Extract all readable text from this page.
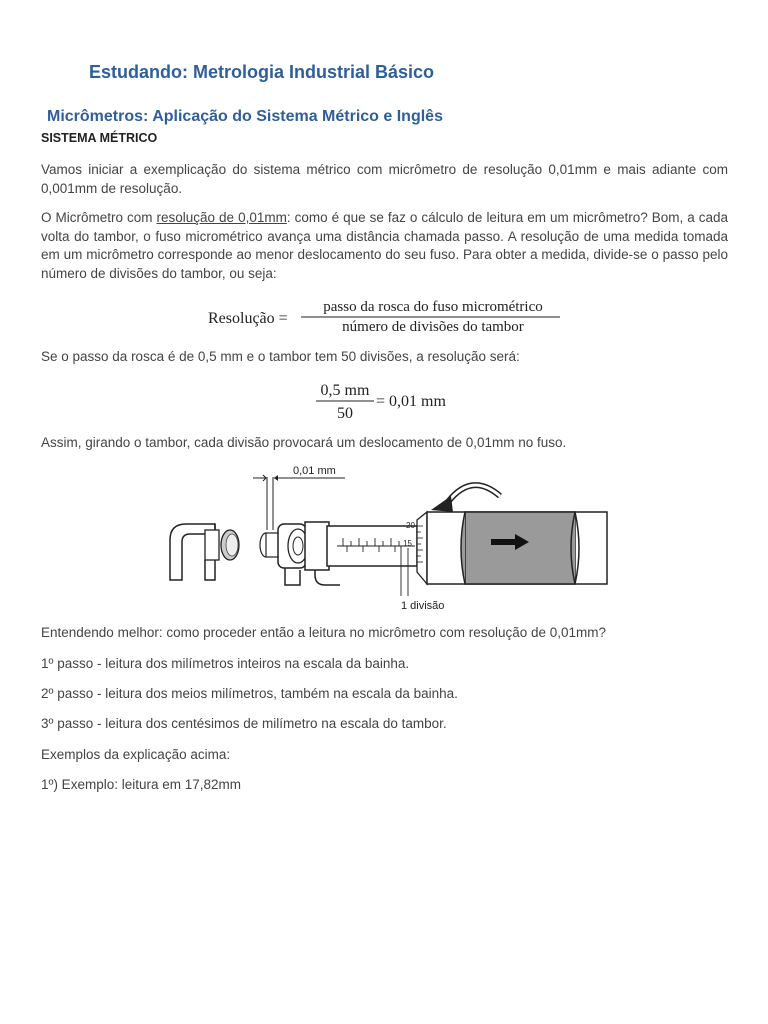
Estudando: Metrologia Industrial Básico
Micrômetros: Aplicação do Sistema Métrico e Inglês
SISTEMA MÉTRICO
Vamos iniciar a exemplicação do sistema métrico com micrômetro de resolução 0,01mm e mais adiante com 0,001mm de resolução.
O Micrômetro com resolução de 0,01mm: como é que se faz o cálculo de leitura em um micrômetro? Bom, a cada volta do tambor, o fuso micrométrico avança uma distância chamada passo. A resolução de uma medida tomada em um micrômetro corresponde ao menor deslocamento do seu fuso. Para obter a medida, divide-se o passo pelo número de divisões do tambor, ou seja:
Resolução =
passo da rosca do fuso micrométrico
número de divisões do tambor
Se o passo da rosca é de 0,5 mm e o tambor tem 50 divisões, a resolução será:
0,5 mm
50
= 0,01 mm
Assim, girando o tambor, cada divisão provocará um deslocamento de 0,01mm no fuso.
0,01 mm
20
15
1 divisão
Entendendo melhor: como proceder então a leitura no micrômetro com resolução de 0,01mm?
1º passo - leitura dos milímetros inteiros na escala da bainha.
2º passo - leitura dos meios milímetros, também na escala da bainha.
3º passo - leitura dos centésimos de milímetro na escala do tambor.
Exemplos da explicação acima:
1º) Exemplo: leitura em 17,82mm
